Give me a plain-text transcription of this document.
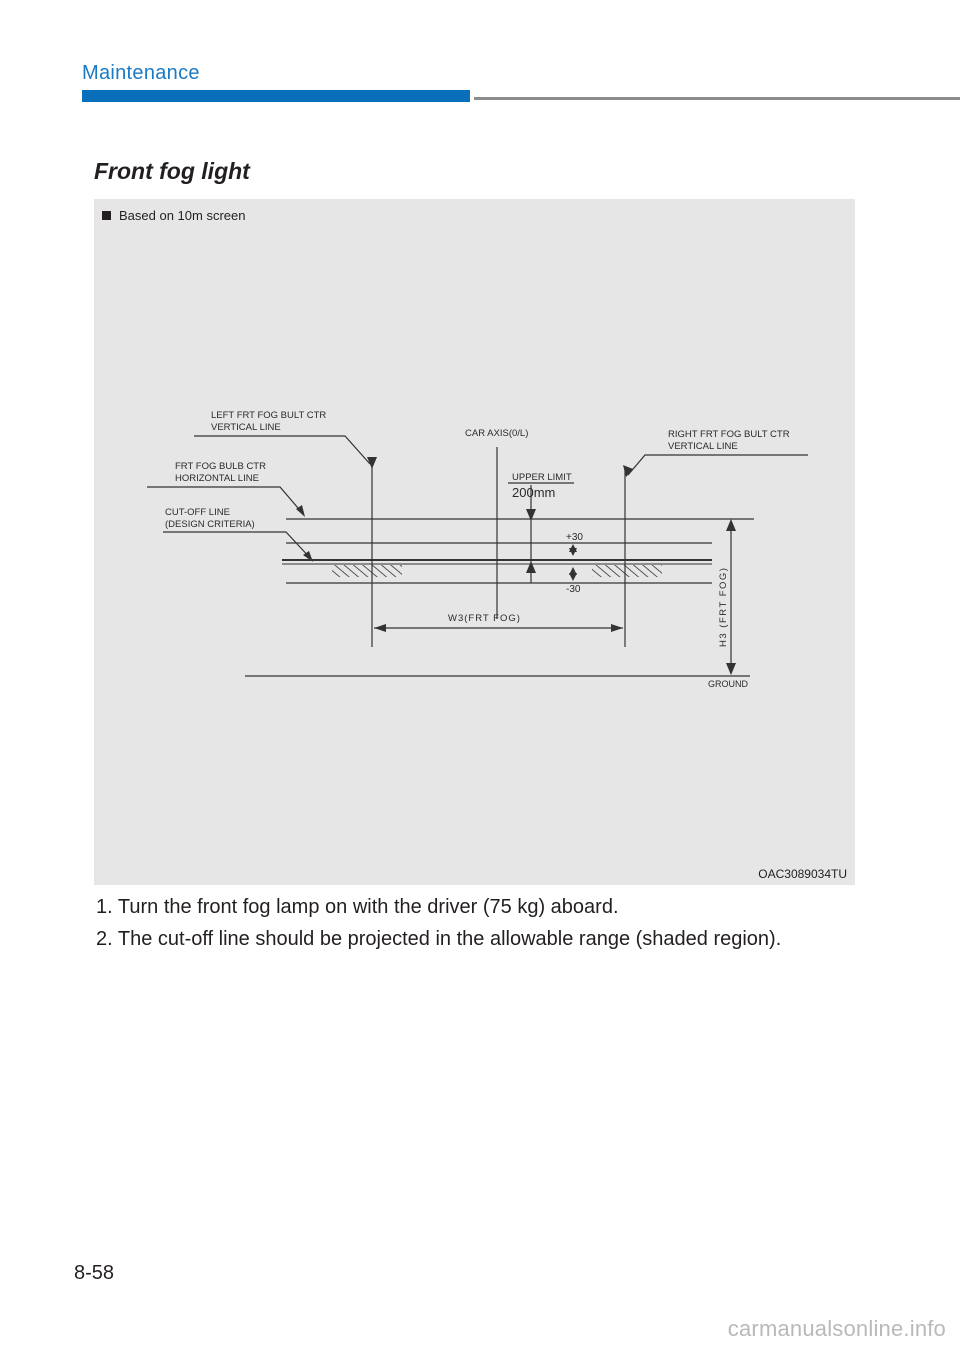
Maintenance
Front fog light
Based on 10m screen
LEFT FRT FOG BULT CTR
VERTICAL LINE
FRT FOG BULB CTR
HORIZONTAL LINE
CUT-OFF LINE
(DESIGN CRITERIA)
CAR AXIS(0/L)	RIGHT FRT FOG BULT CTR
VERTICAL LINE
UPPER LIMIT
200mm
+30
-30
W3(FRT FOG)	H3 (FRT FOG)
GROUND
OAC3089034TU
1. Turn the front fog lamp on with the driver (75 kg) aboard.
2. The cut-off line should be projected in the allowable range (shaded region).
8-58
carmanualsonline.info
